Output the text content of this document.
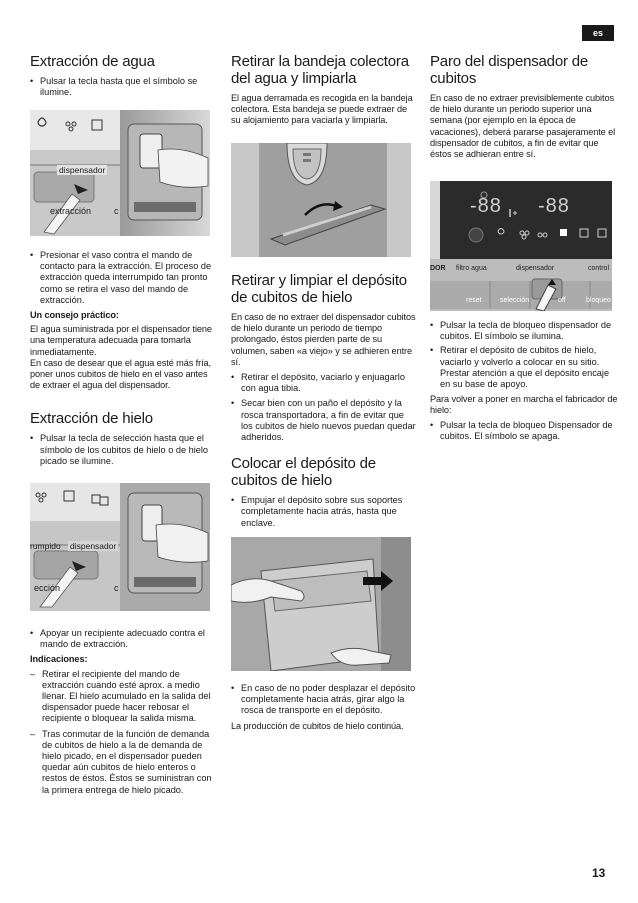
es
Extracción de agua
• Pulsar la tecla hasta que el símbolo se ilumine.
dispensador
extracción	c
• Presionar el vaso contra el mando de contacto para la extracción. El proceso de extracción queda interrumpido tan pronto como se retira el vaso del mando de extracción.

Un consejo práctico:

El agua suministrada por el dispensador tiene una temperatura adecuada para tomarla inmediatamente.

En caso de desear que el agua esté más fría, poner unos cubitos de hielo en el vaso antes de extraer el agua del dispensador.

Extracción de hielo
• Pulsar la tecla de selección hasta que el símbolo de los cubitos de hielo o de hielo picado se ilumine.
rumpido dispensador
ección	c
• Apoyar un recipiente adecuado contra el mando de extracción.

Indicaciones:

– Retirar el recipiente del mando de extracción cuando esté aprox. a medio llenar. El hielo acumulado en la salida del dispensador puede hacer rebosar el recipiente o bloquear la salida misma.
– Tras conmutar de la función de demanda de cubitos de hielo a la de demanda de hielo picado, en el dispensador pueden quedar aún cubitos de hielo enteros o restos de éstos. Éstos se suministran con la primera entrega de hielo picado.
Retirar la bandeja colectora del agua y limpiarla

El agua derramada es recogida en la bandeja colectora. Esta bandeja se puede extraer de su alojamiento para vaciarla y limpiarla.

Retirar y limpiar el depósito de cubitos de hielo

En caso de no extraer del dispensador cubitos de hielo durante un periodo de tiempo prolongado, éstos pierden parte de su volumen, saben «a viejo» y se adhieren entre sí.

• Retirar el depósito, vaciarlo y enjuagarlo con agua tibia.
• Secar bien con un paño el depósito y la rosca transportadora, a fin de evitar que los cubitos de hielo nuevos puedan quedar adheridos.
Colocar el depósito de cubitos de hielo
• Empujar el depósito sobre sus soportes completamente hacia atrás, hasta que enclave.
• En caso de no poder desplazar el depósito completamente hacia atrás, girar algo la rosca de transporte en el depósito.

La producción de cubitos de hielo continúa.

Paro del dispensador de cubitos

En caso de no extraer previsiblemente cubitos de hielo durante un periodo superior una semana (por ejemplo en la época de vacaciones), deberá pararse pasajeramente el dispensador de cubitos, a fin de evitar que éstos se adhieran entre sí.

-88 -88
DOR filtro agua	dispensador	control
reset	selección	off	bloqueo
• Pulsar la tecla de bloqueo dispensador de cubitos. El símbolo se ilumina.
• Retirar el depósito de cubitos de hielo, vaciarlo y volverlo a colocar en su sitio. Prestar atención a que el depósito encaje en su base de apoyo.

Para volver a poner en marcha el fabricador de hielo:

• Pulsar la tecla de bloqueo Dispensador de cubitos. El símbolo se apaga.
13
